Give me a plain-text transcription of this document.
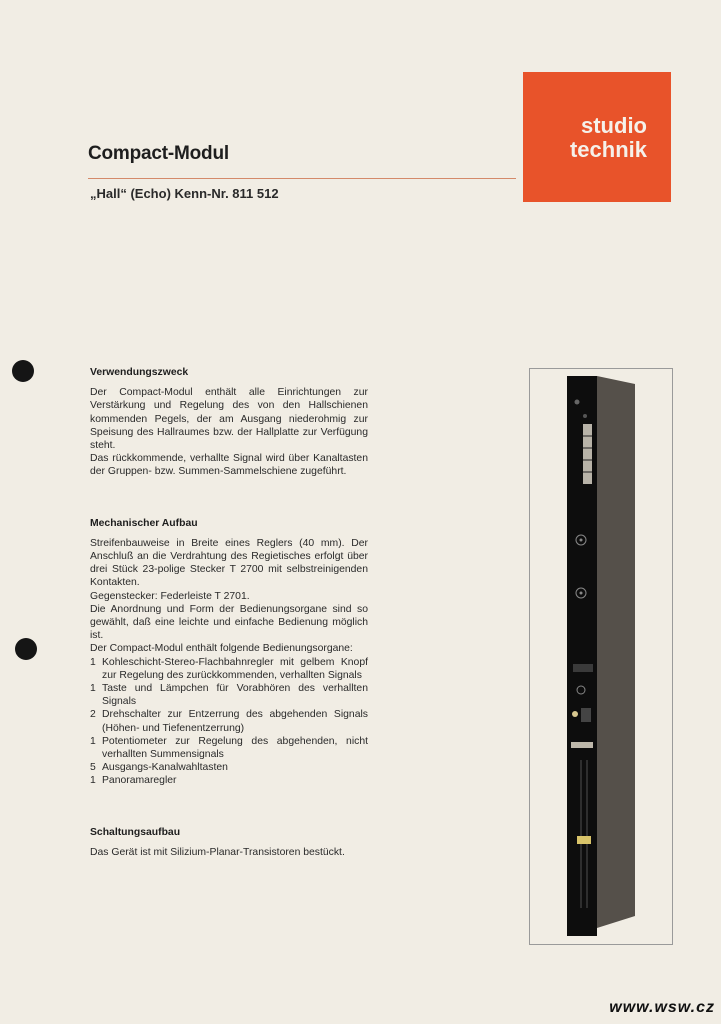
Compact-Modul
„Hall“ (Echo) Kenn-Nr. 811 512
studio
technik
Verwendungszweck

Der Compact-Modul enthält alle Einrichtungen zur Verstärkung und Regelung des von den Hallschienen kommenden Pegels, der am Ausgang niederohmig zur Speisung des Hallraumes bzw. der Hallplatte zur Verfügung steht.

Das rückkommende, verhallte Signal wird über Kanaltasten der Gruppen- bzw. Summen-Sammelschiene zugeführt.

Mechanischer Aufbau

Streifenbauweise in Breite eines Reglers (40 mm). Der Anschluß an die Verdrahtung des Regietisches erfolgt über drei Stück 23-polige Stecker T 2700 mit selbstreinigenden Kontakten.

Gegenstecker: Federleiste T 2701.

Die Anordnung und Form der Bedienungsorgane sind so gewählt, daß eine leichte und einfache Bedienung möglich ist.

Der Compact-Modul enthält folgende Bedienungsorgane:

1 Kohleschicht-Stereo-Flachbahnregler mit gelbem Knopf zur Regelung des zurückkommenden, verhallten Signals
1 Taste und Lämpchen für Vorabhören des verhallten Signals
2 Drehschalter zur Entzerrung des abgehenden Signals (Höhen- und Tiefenentzerrung)
1 Potentiometer zur Regelung des abgehenden, nicht verhallten Summensignals
5 Ausgangs-Kanalwahltasten
1 Panoramaregler
Schaltungsaufbau

Das Gerät ist mit Silizium-Planar-Transistoren bestückt.

www.wsw.cz
